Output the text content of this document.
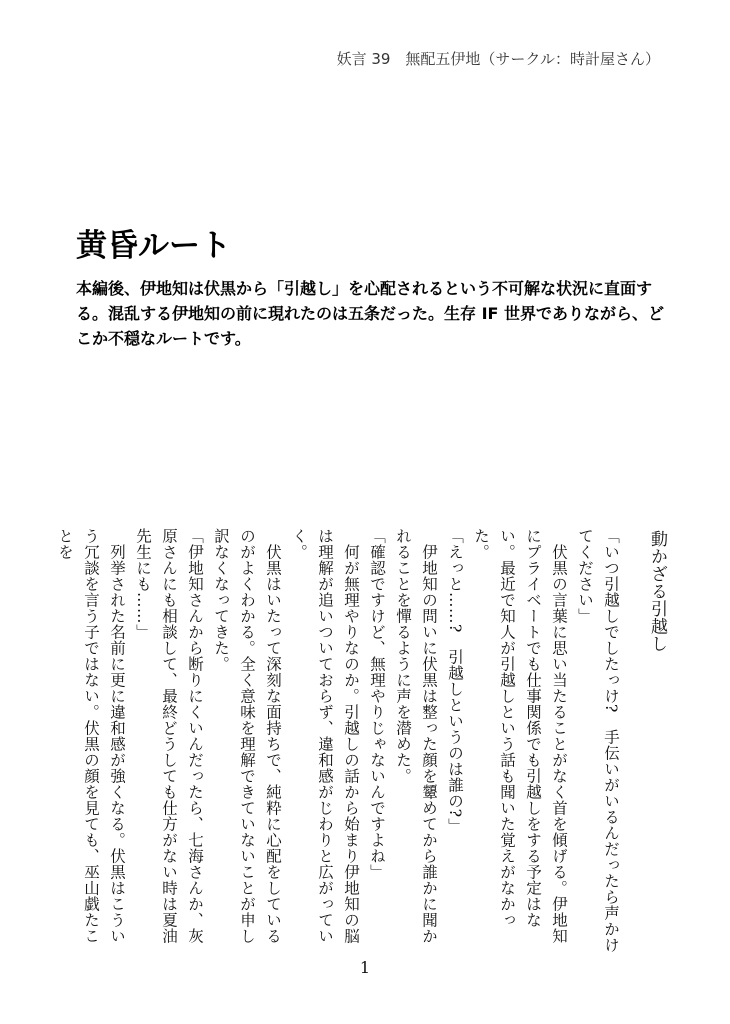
妖言 39　無配五伊地（サークル：時計屋さん）
黄昏ルート

本編後、伊地知は伏黒から「引越し」を心配されるという不可解な状況に直面する。混乱する伊地知の前に現れたのは五条だった。生存 IF 世界でありながら、どこか不穏なルートです。

動かざる引越し

「いつ引越しでしたっけ?　手伝いがいるんだったら声かけてください」

伏黒の言葉に思い当たることがなく首を傾げる。伊地知にプライベートでも仕事関係でも引越しをする予定はない。最近で知人が引越しという話も聞いた覚えがなかった。

「えっと……?　引越しというのは誰の?」

伊地知の問いに伏黒は整った顔を顰めてから誰かに聞かれることを憚るように声を潜めた。

「確認ですけど、無理やりじゃないんですよね」

何が無理やりなのか。引越しの話から始まり伊地知の脳は理解が追いついておらず、違和感がじわりと広がっていく。

伏黒はいたって深刻な面持ちで、純粋に心配をしているのがよくわかる。全く意味を理解できていないことが申し訳なくなってきた。

「伊地知さんから断りにくいんだったら、七海さんか、灰原さんにも相談して、最終どうしても仕方がない時は夏油先生にも……」

列挙された名前に更に違和感が強くなる。伏黒はこういう冗談を言う子ではない。伏黒の顔を見ても、巫山戯たことを

1
